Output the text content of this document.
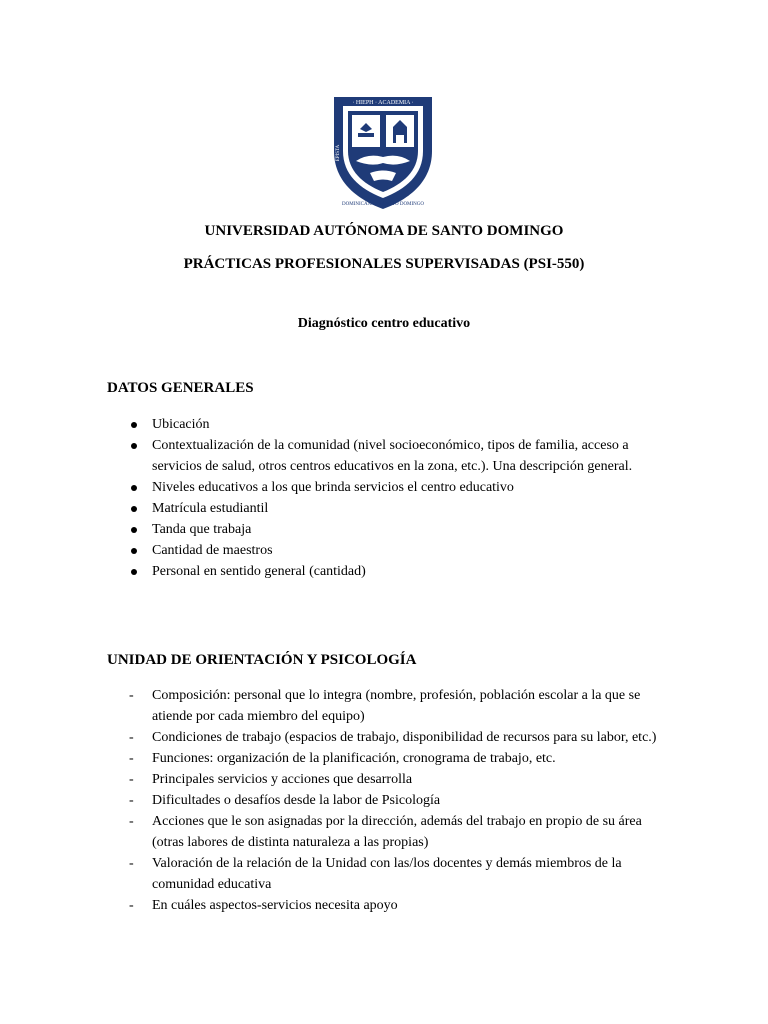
· HIEPH · ACADEMIA ·
DOMINICANA · SANCTO DOMINGO
EPISTA
UNIVERSIDAD AUTÓNOMA DE SANTO DOMINGO
PRÁCTICAS PROFESIONALES SUPERVISADAS (PSI-550)
Diagnóstico centro educativo
DATOS GENERALES
Ubicación
Contextualización de la comunidad (nivel socioeconómico, tipos de familia, acceso a servicios de salud, otros centros educativos en la zona, etc.). Una descripción general.
Niveles educativos a los que brinda servicios el centro educativo
Matrícula estudiantil
Tanda que trabaja
Cantidad de maestros
Personal en sentido general (cantidad)
UNIDAD DE ORIENTACIÓN Y PSICOLOGÍA
- Composición: personal que lo integra (nombre, profesión, población escolar a la que se atiende por cada miembro del equipo)
- Condiciones de trabajo (espacios de trabajo, disponibilidad de recursos para su labor, etc.)
- Funciones: organización de la planificación, cronograma de trabajo, etc.
- Principales servicios y acciones que desarrolla
- Dificultades o desafíos desde la labor de Psicología
- Acciones que le son asignadas por la dirección, además del trabajo en propio de su área (otras labores de distinta naturaleza a las propias)
- Valoración de la relación de la Unidad con las/los docentes y demás miembros de la comunidad educativa
- En cuáles aspectos-servicios necesita apoyo
